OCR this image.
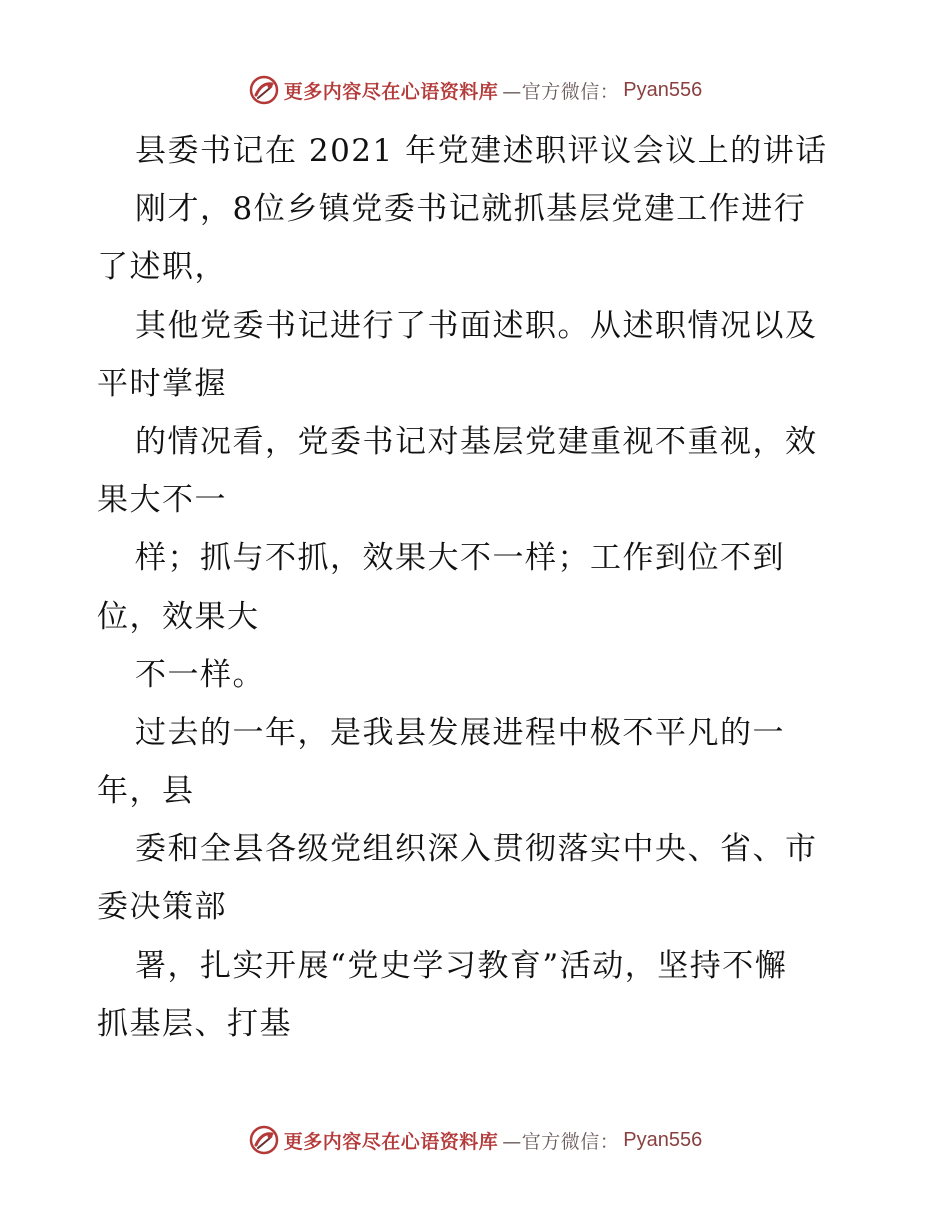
更多内容尽在心语资料库 —官方微信： Pyan556
县委书记在 2021 年党建述职评议会议上的讲话
刚才，8位乡镇党委书记就抓基层党建工作进行
了述职，
其他党委书记进行了书面述职。从述职情况以及
平时掌握
的情况看，党委书记对基层党建重视不重视，效
果大不一
样；抓与不抓，效果大不一样；工作到位不到
位，效果大
不一样。
过去的一年，是我县发展进程中极不平凡的一
年，县
委和全县各级党组织深入贯彻落实中央、省、市
委决策部
署，扎实开展“党史学习教育”活动，坚持不懈
抓基层、打基
更多内容尽在心语资料库 —官方微信： Pyan556
